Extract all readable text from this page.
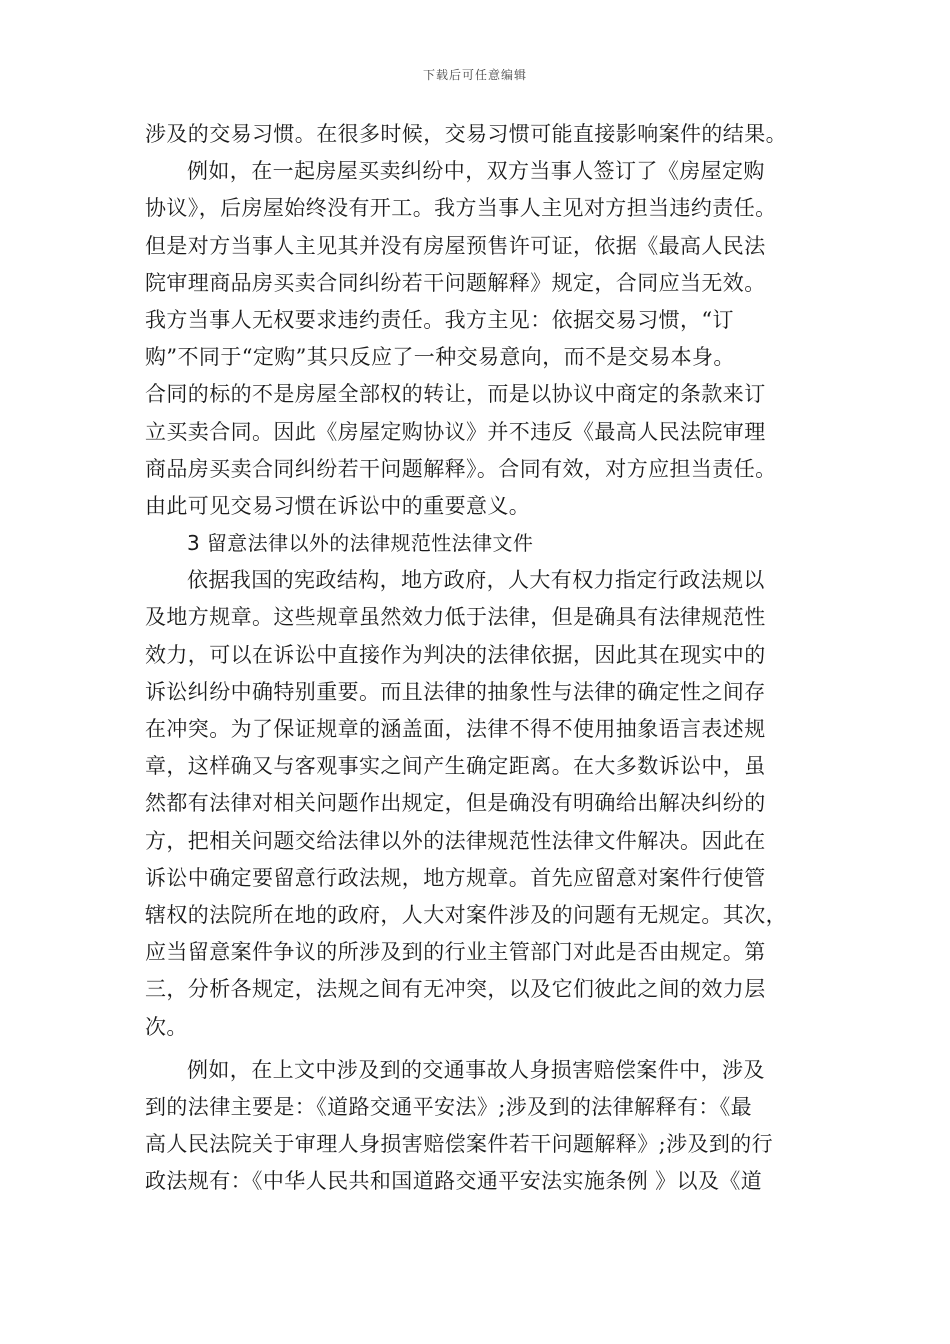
下载后可任意编辑
涉及的交易习惯。在很多时候，交易习惯可能直接影响案件的结果。
例如，在一起房屋买卖纠纷中，双方当事人签订了《房屋定购
协议》，后房屋始终没有开工。我方当事人主见对方担当违约责任。
但是对方当事人主见其并没有房屋预售许可证，依据《最高人民法
院审理商品房买卖合同纠纷若干问题解释》规定，合同应当无效。
我方当事人无权要求违约责任。我方主见：依据交易习惯，“订
购”不同于“定购”其只反应了一种交易意向，而不是交易本身。
合同的标的不是房屋全部权的转让，而是以协议中商定的条款来订
立买卖合同。因此《房屋定购协议》并不违反《最高人民法院审理
商品房买卖合同纠纷若干问题解释》。合同有效，对方应担当责任。
由此可见交易习惯在诉讼中的重要意义。
3 留意法律以外的法律规范性法律文件
依据我国的宪政结构，地方政府，人大有权力指定行政法规以
及地方规章。这些规章虽然效力低于法律，但是确具有法律规范性
效力，可以在诉讼中直接作为判决的法律依据，因此其在现实中的
诉讼纠纷中确特别重要。而且法律的抽象性与法律的确定性之间存
在冲突。为了保证规章的涵盖面，法律不得不使用抽象语言表述规
章，这样确又与客观事实之间产生确定距离。在大多数诉讼中，虽
然都有法律对相关问题作出规定，但是确没有明确给出解决纠纷的
方，把相关问题交给法律以外的法律规范性法律文件解决。因此在
诉讼中确定要留意行政法规，地方规章。首先应留意对案件行使管
辖权的法院所在地的政府，人大对案件涉及的问题有无规定。其次，
应当留意案件争议的所涉及到的行业主管部门对此是否由规定。第
三，分析各规定，法规之间有无冲突，以及它们彼此之间的效力层
次。
例如，在上文中涉及到的交通事故人身损害赔偿案件中，涉及
到的法律主要是：《道路交通平安法》;涉及到的法律解释有：《最
高人民法院关于审理人身损害赔偿案件若干问题解释》;涉及到的行
政法规有：《中华人民共和国道路交通平安法实施条例 》以及《道
